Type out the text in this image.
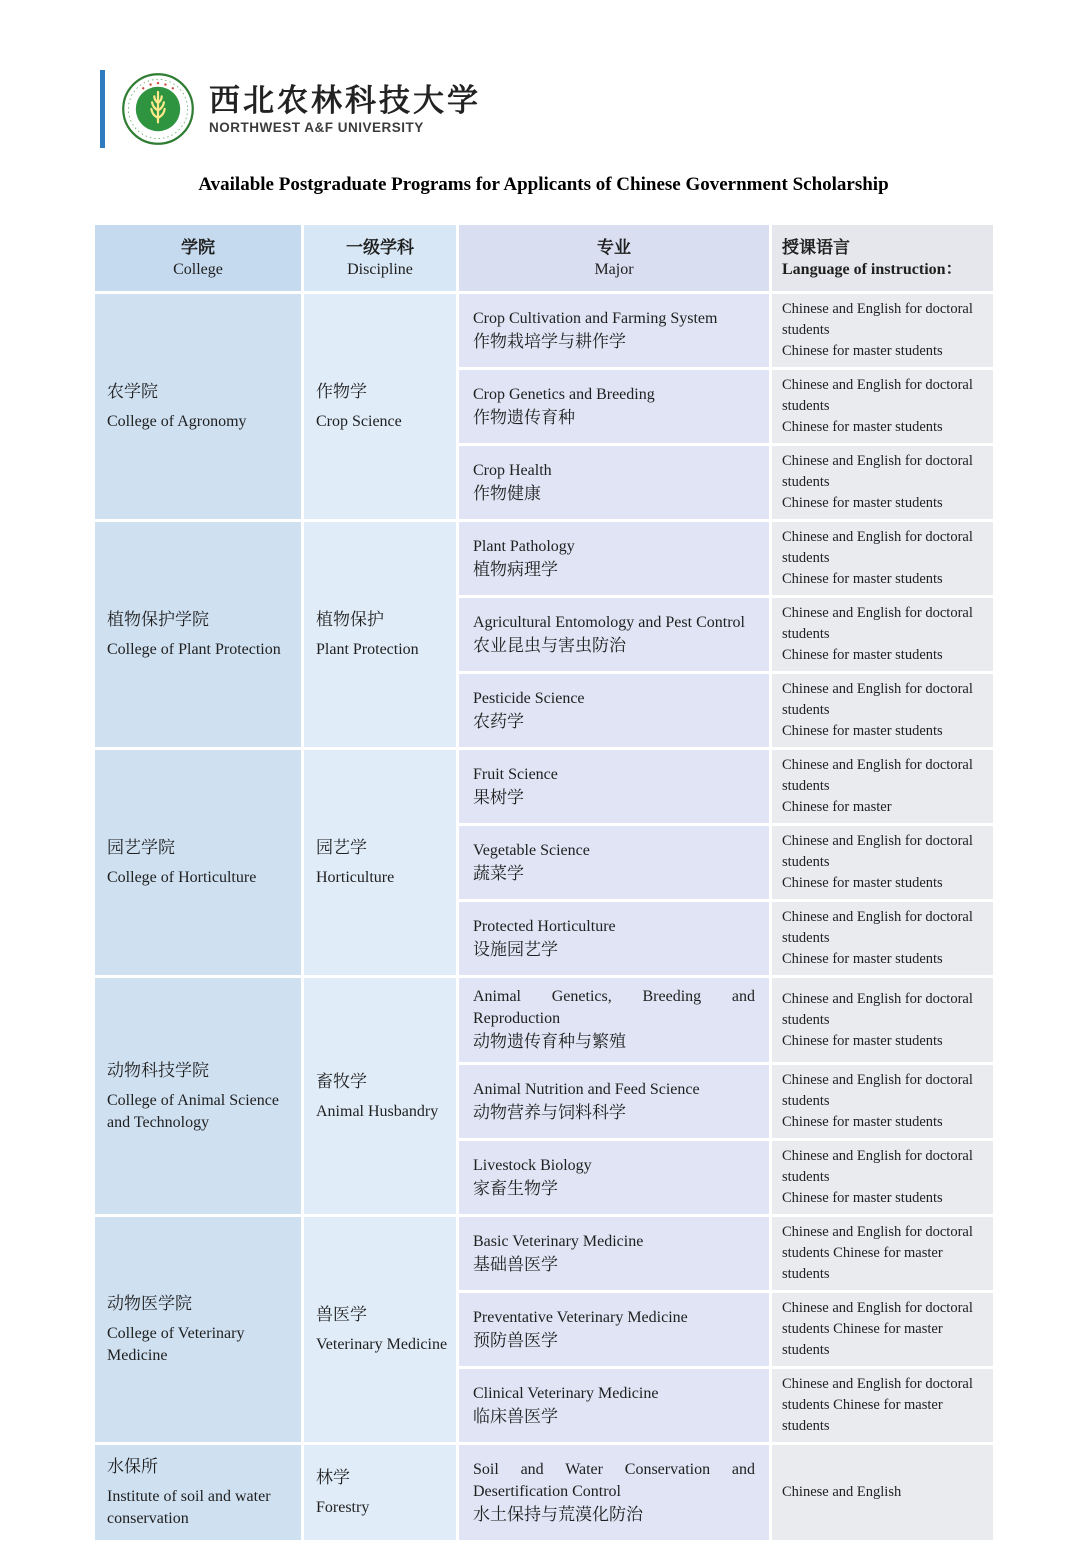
西北农林科技大学
NORTHWEST A&F UNIVERSITY
Available Postgraduate Programs for Applicants of Chinese Government Scholarship
学院
College
一级学科
Discipline
专业
Major
授课语言
Language of instruction：
农学院
College of Agronomy
作物学
Crop Science
Crop Cultivation and Farming System
作物栽培学与耕作学
Chinese and English for doctoral students
Chinese for master students
Crop Genetics and Breeding
作物遗传育种
Chinese and English for doctoral students
Chinese for master students
Crop Health
作物健康
Chinese and English for doctoral students
Chinese for master students
植物保护学院
College of Plant Protection
植物保护
Plant Protection
Plant Pathology
植物病理学
Chinese and English for doctoral students
Chinese for master students
Agricultural Entomology and Pest Control
农业昆虫与害虫防治
Chinese and English for doctoral students
Chinese for master students
Pesticide Science
农药学
Chinese and English for doctoral students
Chinese for master students
园艺学院
College of Horticulture
园艺学
Horticulture
Fruit Science
果树学
Chinese and English for doctoral students
Chinese for master
Vegetable Science
蔬菜学
Chinese and English for doctoral students
Chinese for master students
Protected Horticulture
设施园艺学
Chinese and English for doctoral students
Chinese for master students
动物科技学院
College of Animal Science and Technology
畜牧学
Animal Husbandry
Animal Genetics, Breeding and Reproduction
动物遗传育种与繁殖
Chinese and English for doctoral students
Chinese for master students
Animal Nutrition and Feed Science
动物营养与饲料科学
Chinese and English for doctoral students
Chinese for master students
Livestock Biology
家畜生物学
Chinese and English for doctoral students
Chinese for master students
动物医学院
College of Veterinary Medicine
兽医学
Veterinary Medicine
Basic Veterinary Medicine
基础兽医学
Chinese and English for doctoral students Chinese for master students
Preventative Veterinary Medicine
预防兽医学
Chinese and English for doctoral students Chinese for master students
Clinical Veterinary Medicine
临床兽医学
Chinese and English for doctoral students Chinese for master students
水保所
Institute of soil and water conservation
林学
Forestry
Soil and Water Conservation and Desertification Control
水土保持与荒漠化防治
Chinese and English
